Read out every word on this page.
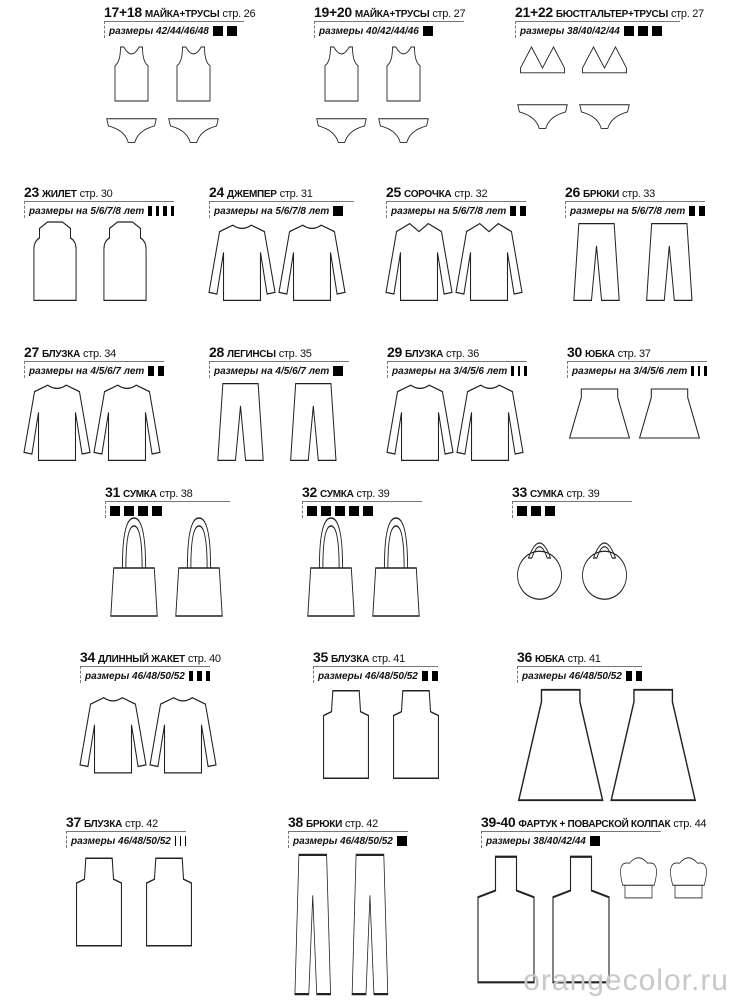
17+18 МАЙКА+ТРУСЫ стр. 26
размеры 42/44/46/48
19+20 МАЙКА+ТРУСЫ стр. 27
размеры 40/42/44/46
21+22 БЮСТГАЛЬТЕР+ТРУСЫ стр. 27
размеры 38/40/42/44
23 ЖИЛЕТ стр. 30
размеры на 5/6/7/8 лет
24 ДЖЕМПЕР стр. 31
размеры на 5/6/7/8 лет
25 СОРОЧКА стр. 32
размеры на 5/6/7/8 лет
26 БРЮКИ стр. 33
размеры на 5/6/7/8 лет
27 БЛУЗКА стр. 34
размеры на 4/5/6/7 лет
28 ЛЕГИНСЫ стр. 35
размеры на 4/5/6/7 лет
29 БЛУЗКА стр. 36
размеры на 3/4/5/6 лет
30 ЮБКА стр. 37
размеры на 3/4/5/6 лет
31 СУМКА стр. 38	32 СУМКА стр. 39	33 СУМКА стр. 39
34 ДЛИННЫЙ ЖАКЕТ стр. 40
размеры 46/48/50/52
35 БЛУЗКА стр. 41
размеры 46/48/50/52
36 ЮБКА стр. 41
размеры 46/48/50/52
37 БЛУЗКА стр. 42
размеры 46/48/50/52
38 БРЮКИ стр. 42
размеры 46/48/50/52
39-40 ФАРТУК + ПОВАРСКОЙ КОЛПАК стр. 44
размеры 38/40/42/44
orangecolor.ru
